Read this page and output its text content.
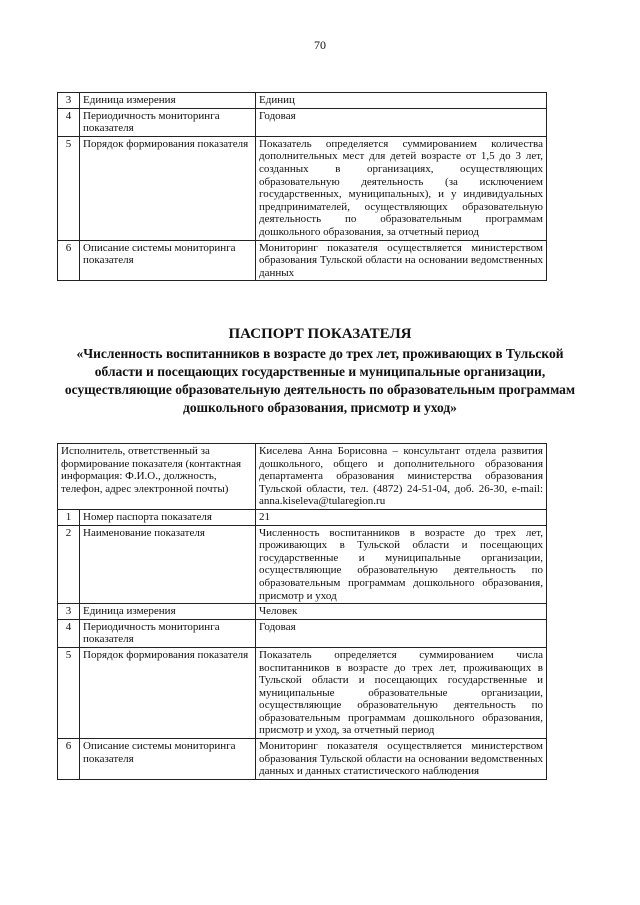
70
3	Единица измерения	Единиц
4	Периодичность мониторинга показателя	Годовая
5	Порядок формирования показателя	Показатель определяется суммированием количества дополнительных мест для детей возрасте от 1,5 до 3 лет, созданных в организациях, осуществляющих образовательную деятельность (за исключением государственных, муниципальных), и у индивидуальных предпринимателей, осуществляющих образовательную деятельность по образовательным программам дошкольного образования, за отчетный период
6	Описание системы мониторинга показателя	Мониторинг показателя осуществляется министерством образования Тульской области на основании ведомственных данных
ПАСПОРТ ПОКАЗАТЕЛЯ
«Численность воспитанников в возрасте до трех лет, проживающих в Тульской области и посещающих государственные и муниципальные организации, осуществляющие образовательную деятельность по образовательным программам дошкольного образования, присмотр и уход»
Исполнитель, ответственный за формирование показателя (контактная информация: Ф.И.О., должность, телефон, адрес электронной почты)		Киселева Анна Борисовна – консультант отдела развития дошкольного, общего и дополнительного образования департамента образования министерства образования Тульской области, тел. (4872) 24-51-04, доб. 26-30, e-mail: anna.kiseleva@tularegion.ru
1	Номер паспорта показателя	21
2	Наименование показателя	Численность воспитанников в возрасте до трех лет, проживающих в Тульской области и посещающих государственные и муниципальные организации, осуществляющие образовательную деятельность по образовательным программам дошкольного образования, присмотр и уход
3	Единица измерения	Человек
4	Периодичность мониторинга показателя	Годовая
5	Порядок формирования показателя	Показатель определяется суммированием числа воспитанников в возрасте до трех лет, проживающих в Тульской области и посещающих государственные и муниципальные образовательные организации, осуществляющие образовательную деятельность по образовательным программам дошкольного образования, присмотр и уход, за отчетный период
6	Описание системы мониторинга показателя	Мониторинг показателя осуществляется министерством образования Тульской области на основании ведомственных данных и данных статистического наблюдения
